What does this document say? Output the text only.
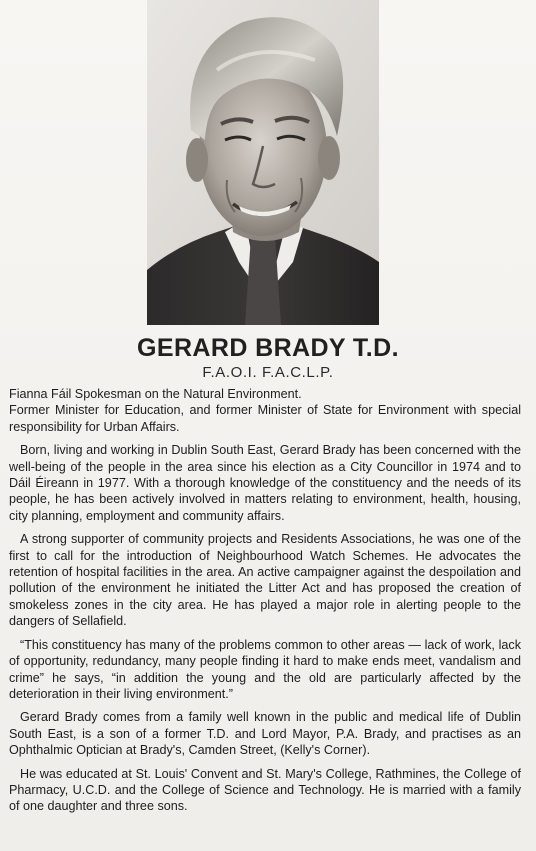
GERARD BRADY T.D.
F.A.O.I. F.A.C.L.P.

Fianna Fáil Spokesman on the Natural Environment.
Former Minister for Education, and former Minister of State for Environment with special responsibility for Urban Affairs.

Born, living and working in Dublin South East, Gerard Brady has been concerned with the well-being of the people in the area since his election as a City Councillor in 1974 and to Dáil Éireann in 1977. With a thorough knowledge of the constituency and the needs of its people, he has been actively involved in matters relating to environment, health, housing, city planning, employment and community affairs.

A strong supporter of community projects and Residents Associations, he was one of the first to call for the introduction of Neighbourhood Watch Schemes. He advocates the retention of hospital facilities in the area. An active campaigner against the despoilation and pollution of the environment he initiated the Litter Act and has proposed the creation of smokeless zones in the city area. He has played a major role in alerting people to the dangers of Sellafield.

“This constituency has many of the problems common to other areas — lack of work, lack of opportunity, redundancy, many people finding it hard to make ends meet, vandalism and crime” he says, “in addition the young and the old are particularly affected by the deterioration in their living environment.”

Gerard Brady comes from a family well known in the public and medical life of Dublin South East, is a son of a former T.D. and Lord Mayor, P.A. Brady, and practises as an Ophthalmic Optician at Brady's, Camden Street, (Kelly's Corner).

He was educated at St. Louis' Convent and St. Mary's College, Rathmines, the College of Pharmacy, U.C.D. and the College of Science and Technology. He is married with a family of one daughter and three sons.
